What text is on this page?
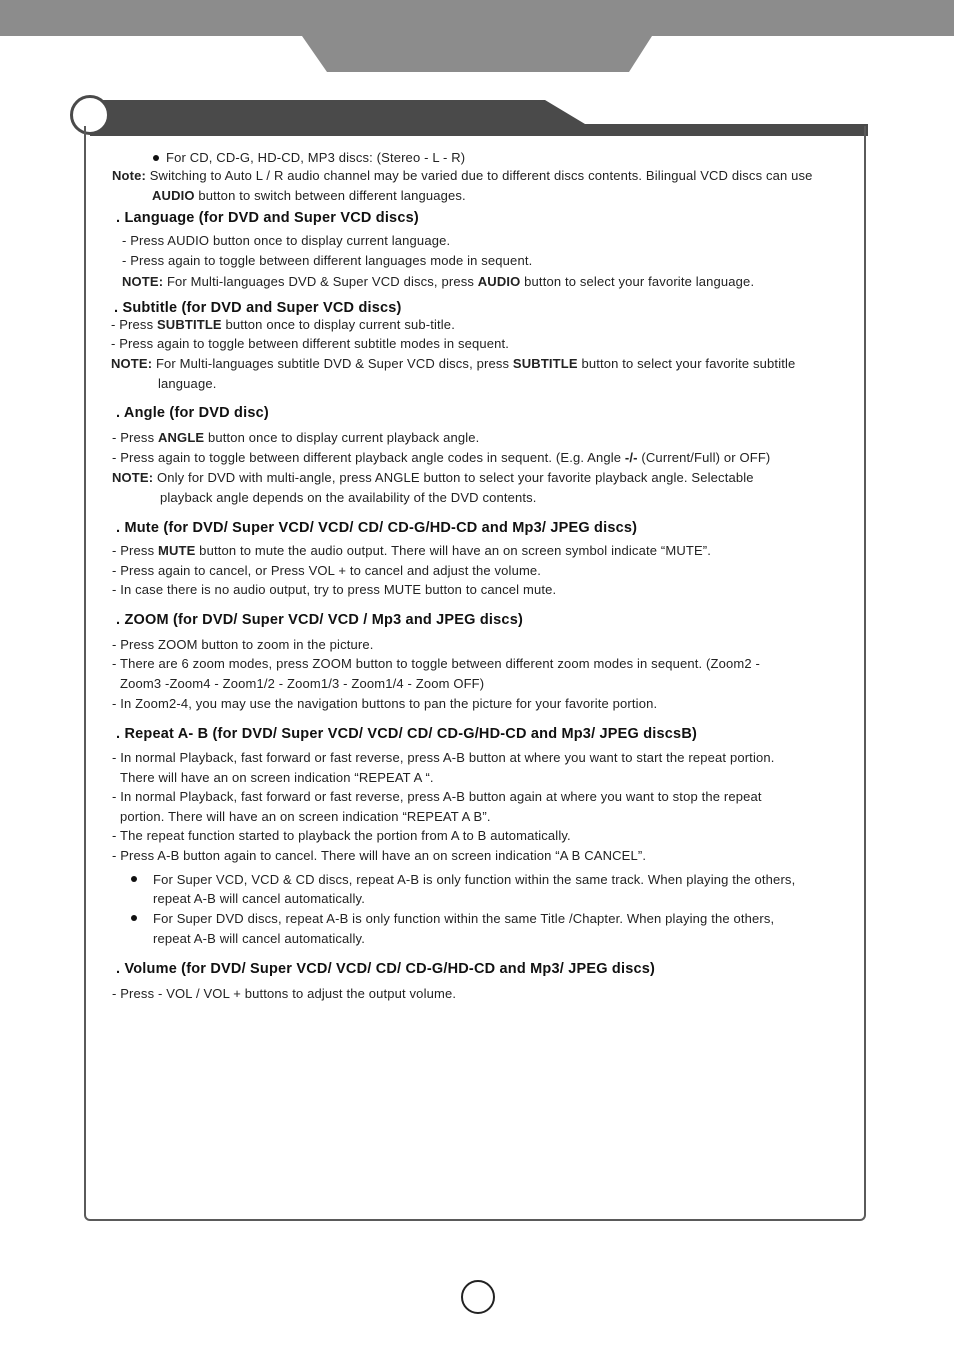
For CD, CD-G, HD-CD, MP3 discs: (Stereo - L - R)
Note: Switching to Auto L / R audio channel may be varied due to different discs contents. Bilingual VCD discs can use
AUDIO button to switch between different languages.
. Language (for DVD and Super VCD discs)
- Press AUDIO button once to display current language.
- Press again to toggle between different languages mode in sequent.
NOTE: For Multi-languages DVD & Super VCD discs, press AUDIO button to select your favorite language.
. Subtitle (for DVD and Super VCD discs)
- Press SUBTITLE button once to display current sub-title.
- Press again to toggle between different subtitle modes in sequent.
NOTE: For Multi-languages subtitle DVD & Super VCD discs, press SUBTITLE button to select your favorite subtitle
language.
. Angle (for DVD disc)
- Press ANGLE button once to display current playback angle.
- Press again to toggle between different playback angle codes in sequent. (E.g. Angle -/- (Current/Full) or OFF)
NOTE: Only for DVD with multi-angle, press ANGLE button to select your favorite playback angle. Selectable
playback angle depends on the availability of the DVD contents.
. Mute (for DVD/ Super VCD/ VCD/ CD/ CD-G/HD-CD and Mp3/ JPEG discs)
- Press MUTE button to mute the audio output. There will have an on screen symbol indicate “MUTE”.
- Press again to cancel, or Press VOL + to cancel and adjust the volume.
- In case there is no audio output, try to press MUTE button to cancel mute.
. ZOOM (for DVD/ Super VCD/ VCD / Mp3 and JPEG discs)
- Press ZOOM button to zoom in the picture.
- There are 6 zoom modes, press ZOOM button to toggle between different zoom modes in sequent. (Zoom2 -
Zoom3 -Zoom4 - Zoom1/2 - Zoom1/3 - Zoom1/4 - Zoom OFF)
- In Zoom2-4, you may use the navigation buttons to pan the picture for your favorite portion.
. Repeat A- B (for DVD/ Super VCD/ VCD/ CD/ CD-G/HD-CD and Mp3/ JPEG discsB)
- In normal Playback, fast forward or fast reverse, press A-B button at where you want to start the repeat portion.
There will have an on screen indication “REPEAT A “.
- In normal Playback, fast forward or fast reverse, press A-B button again at where you want to stop the repeat
portion. There will have an on screen indication “REPEAT A B”.
- The repeat function started to playback the portion from A to B automatically.
- Press A-B button again to cancel. There will have an on screen indication “A B CANCEL”.
For Super VCD, VCD & CD discs, repeat A-B is only function within the same track. When playing the others,
repeat A-B will cancel automatically.
For Super DVD discs, repeat A-B is only function within the same Title /Chapter. When playing the others,
repeat A-B will cancel automatically.
. Volume (for DVD/ Super VCD/ VCD/ CD/ CD-G/HD-CD and Mp3/ JPEG discs)
- Press - VOL / VOL + buttons to adjust the output volume.
